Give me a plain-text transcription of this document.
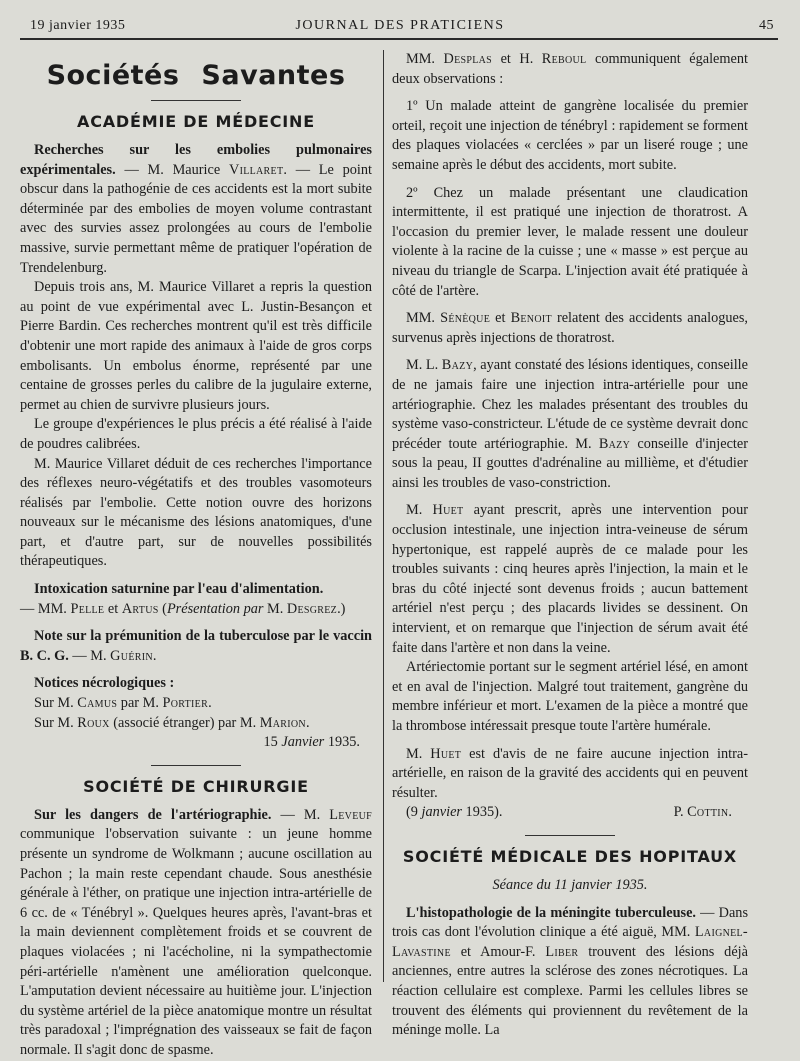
19 janvier 1935	JOURNAL DES PRATICIENS	45
Sociétés Savantes
ACADÉMIE DE MÉDECINE

Recherches sur les embolies pulmonaires expérimentales. — M. Maurice Villaret. — Le point obscur dans la pathogénie de ces accidents est la mort subite déterminée par des embolies de moyen volume contrastant avec des survies assez prolongées au cours de l'embolie massive, survie permettant même de pratiquer l'opération de Trendelenburg.

Depuis trois ans, M. Maurice Villaret a repris la question au point de vue expérimental avec L. Justin-Besançon et Pierre Bardin. Ces recherches montrent qu'il est très difficile d'obtenir une mort rapide des animaux à l'aide de gros corps embolisants. Un embolus énorme, représenté par une centaine de grosses perles du calibre de la jugulaire externe, permet au chien de survivre plusieurs jours.

Le groupe d'expériences le plus précis a été réalisé à l'aide de poudres calibrées.

M. Maurice Villaret déduit de ces recherches l'importance des réflexes neuro-végétatifs et des troubles vasomoteurs réalisés par l'embolie. Cette notion ouvre des horizons nouveaux sur le mécanisme des lésions anatomiques, d'une part, et d'autre part, sur de nouvelles possibilités thérapeutiques.

Intoxication saturnine par l'eau d'alimentation.
— MM. Pelle et Artus (Présentation par M. Desgrez.)

Note sur la prémunition de la tuberculose par le vaccin B. C. G. — M. Guérin.

Notices nécrologiques :

Sur M. Camus par M. Portier.

Sur M. Roux (associé étranger) par M. Marion.

15 Janvier 1935.

SOCIÉTÉ DE CHIRURGIE

Sur les dangers de l'artériographie. — M. Leveuf communique l'observation suivante : un jeune homme présente un syndrome de Wolkmann ; aucune oscillation au Pachon ; la main reste cependant chaude. Sous anesthésie générale à l'éther, on pratique une injection intra-artérielle de 6 cc. de « Ténébryl ». Quelques heures après, l'avant-bras et la main deviennent complètement froids et se couvrent de plaques violacées ; ni l'acécholine, ni la sympathectomie péri-artérielle n'amènent une amélioration quelconque. L'amputation devient nécessaire au huitième jour. L'injection du système artériel de la pièce anatomique montre un résultat très paradoxal ; l'imprégnation des vaisseaux se fait de façon normale. Il s'agit donc de spasme.

MM. Desplas et H. Reboul communiquent également deux observations :

1º Un malade atteint de gangrène localisée du premier orteil, reçoit une injection de ténébryl : rapidement se forment des plaques violacées « cerclées » par un liseré rouge ; une semaine après le début des accidents, mort subite.

2º Chez un malade présentant une claudication intermittente, il est pratiqué une injection de thoratrost. A l'occasion du premier lever, le malade ressent une douleur violente à la racine de la cuisse ; une « masse » est perçue au niveau du triangle de Scarpa. L'injection avait été pratiquée à côté de l'artère.

MM. Sénèque et Benoit relatent des accidents analogues, survenus après injections de thoratrost.

M. L. Bazy, ayant constaté des lésions identiques, conseille de ne jamais faire une injection intra-artérielle pour une artériographie. Chez les malades présentant des troubles du système vaso-constricteur. L'étude de ce système devrait donc précéder toute artériographie. M. Bazy conseille d'injecter sous la peau, II gouttes d'adrénaline au millième, et d'étudier ainsi les troubles de vaso-constriction.

M. Huet ayant prescrit, après une intervention pour occlusion intestinale, une injection intra-veineuse de sérum hypertonique, est rappelé auprès de ce malade pour les troubles suivants : cinq heures après l'injection, la main et le bras du côté injecté sont devenus froids ; aucun battement artériel n'est perçu ; des placards livides se dessinent. On intervient, et on remarque que l'injection de sérum avait été faite dans l'artère et non dans la veine.

Artériectomie portant sur le segment artériel lésé, en amont et en aval de l'injection. Malgré tout traitement, gangrène du membre inférieur et mort. L'examen de la pièce a montré que la thrombose intéressait presque toute l'artère humérale.

M. Huet est d'avis de ne faire aucune injection intra-artérielle, en raison de la gravité des accidents qui en peuvent résulter.

(9 janvier 1935).	P. Cottin.
SOCIÉTÉ MÉDICALE DES HOPITAUX

Séance du 11 janvier 1935.

L'histopathologie de la méningite tuberculeuse. — Dans trois cas dont l'évolution clinique a été aiguë, MM. Laignel-Lavastine et Amour-F. Liber trouvent des lésions déjà anciennes, entre autres la sclérose des zones nécrotiques. La réaction cellulaire est complexe. Parmi les cellules libres se trouvent des éléments qui proviennent du revêtement de la méninge molle. La
